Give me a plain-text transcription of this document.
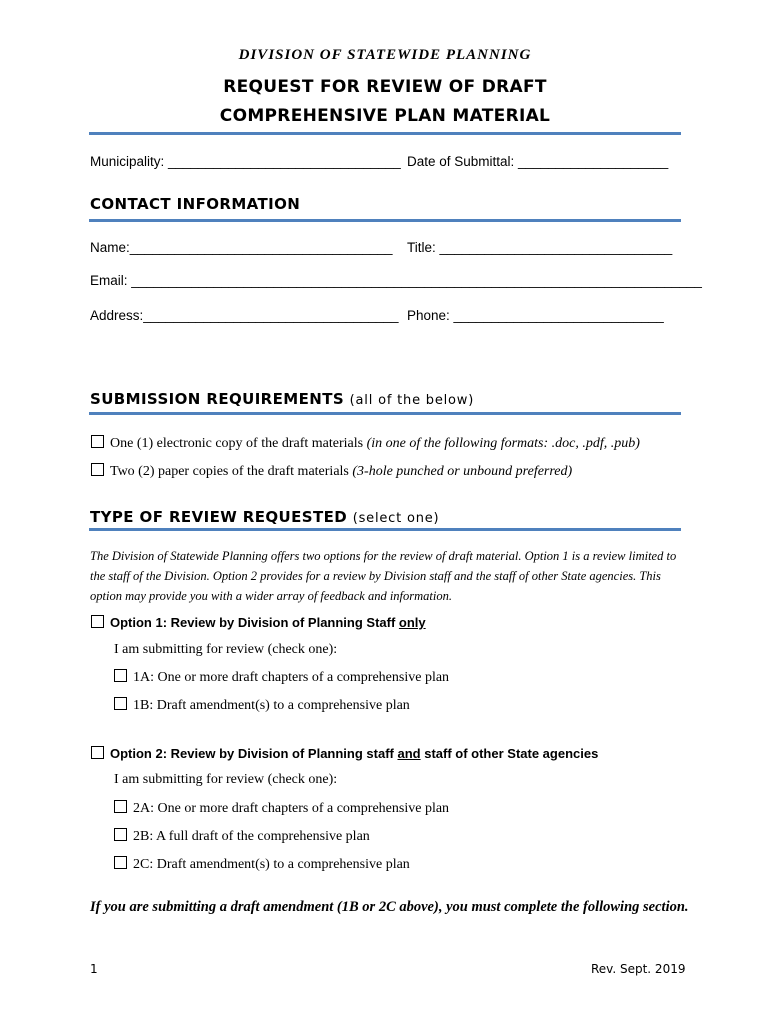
DIVISION OF STATEWIDE PLANNING
REQUEST FOR REVIEW OF DRAFT
COMPREHENSIVE PLAN MATERIAL
Municipality: _______________________________ Date of Submittal: ____________________
CONTACT INFORMATION
Name:___________________________________ Title: _______________________________
Email: ____________________________________________________________________________
Address:__________________________________ Phone: ____________________________
SUBMISSION REQUIREMENTS (all of the below)
One (1) electronic copy of the draft materials (in one of the following formats: .doc, .pdf, .pub)
Two (2) paper copies of the draft materials (3-hole punched or unbound preferred)
TYPE OF REVIEW REQUESTED (select one)
The Division of Statewide Planning offers two options for the review of draft material. Option 1 is a review limited to the staff of the Division. Option 2 provides for a review by Division staff and the staff of other State agencies. This option may provide you with a wider array of feedback and information.
Option 1: Review by Division of Planning Staff only
I am submitting for review (check one):
1A: One or more draft chapters of a comprehensive plan
1B: Draft amendment(s) to a comprehensive plan
Option 2: Review by Division of Planning staff and staff of other State agencies
I am submitting for review (check one):
2A: One or more draft chapters of a comprehensive plan
2B: A full draft of the comprehensive plan
2C: Draft amendment(s) to a comprehensive plan
If you are submitting a draft amendment (1B or 2C above), you must complete the following section.
1	Rev. Sept. 2019
